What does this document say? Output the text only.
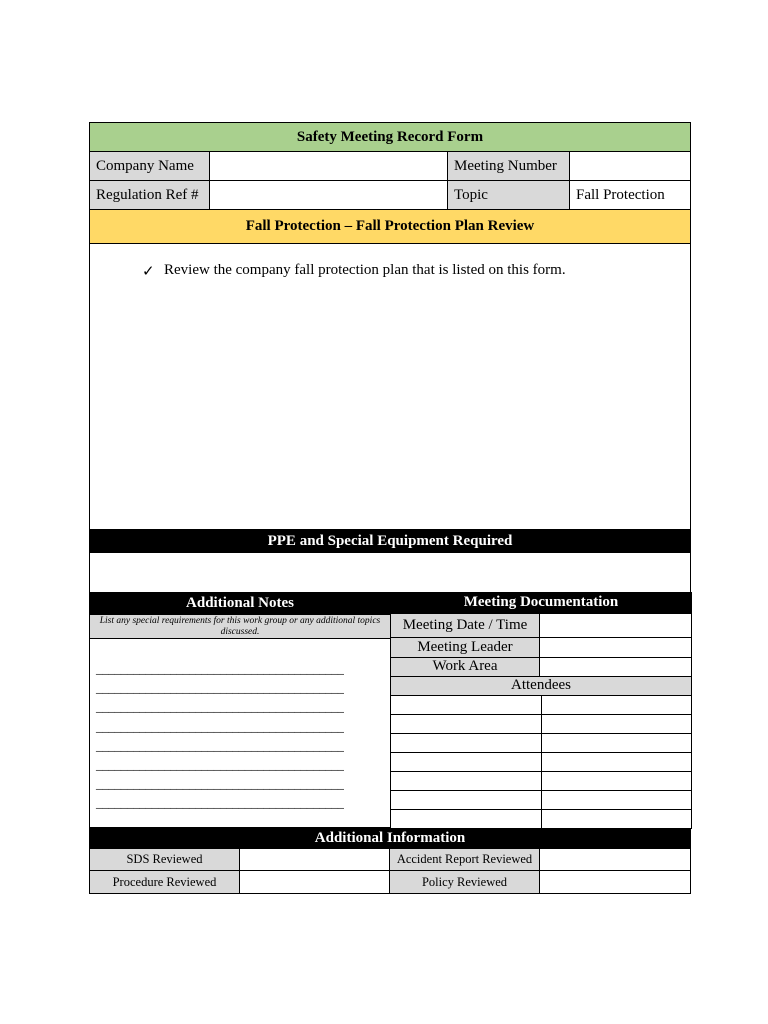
Safety Meeting Record Form
Company Name	Meeting Number
Regulation Ref #	Topic	Fall Protection
Fall Protection – Fall Protection Plan Review
✓ Review the company fall protection plan that is listed on this form.
PPE and Special Equipment Required
Additional Notes
List any special requirements for this work group or any additional topics discussed.
________________________________________
________________________________________
________________________________________
________________________________________
________________________________________
________________________________________
________________________________________
________________________________________
Meeting Documentation
Meeting Date / Time
Meeting Leader
Work Area
Attendees
Additional Information
SDS Reviewed	Accident Report Reviewed
Procedure Reviewed	Policy Reviewed
